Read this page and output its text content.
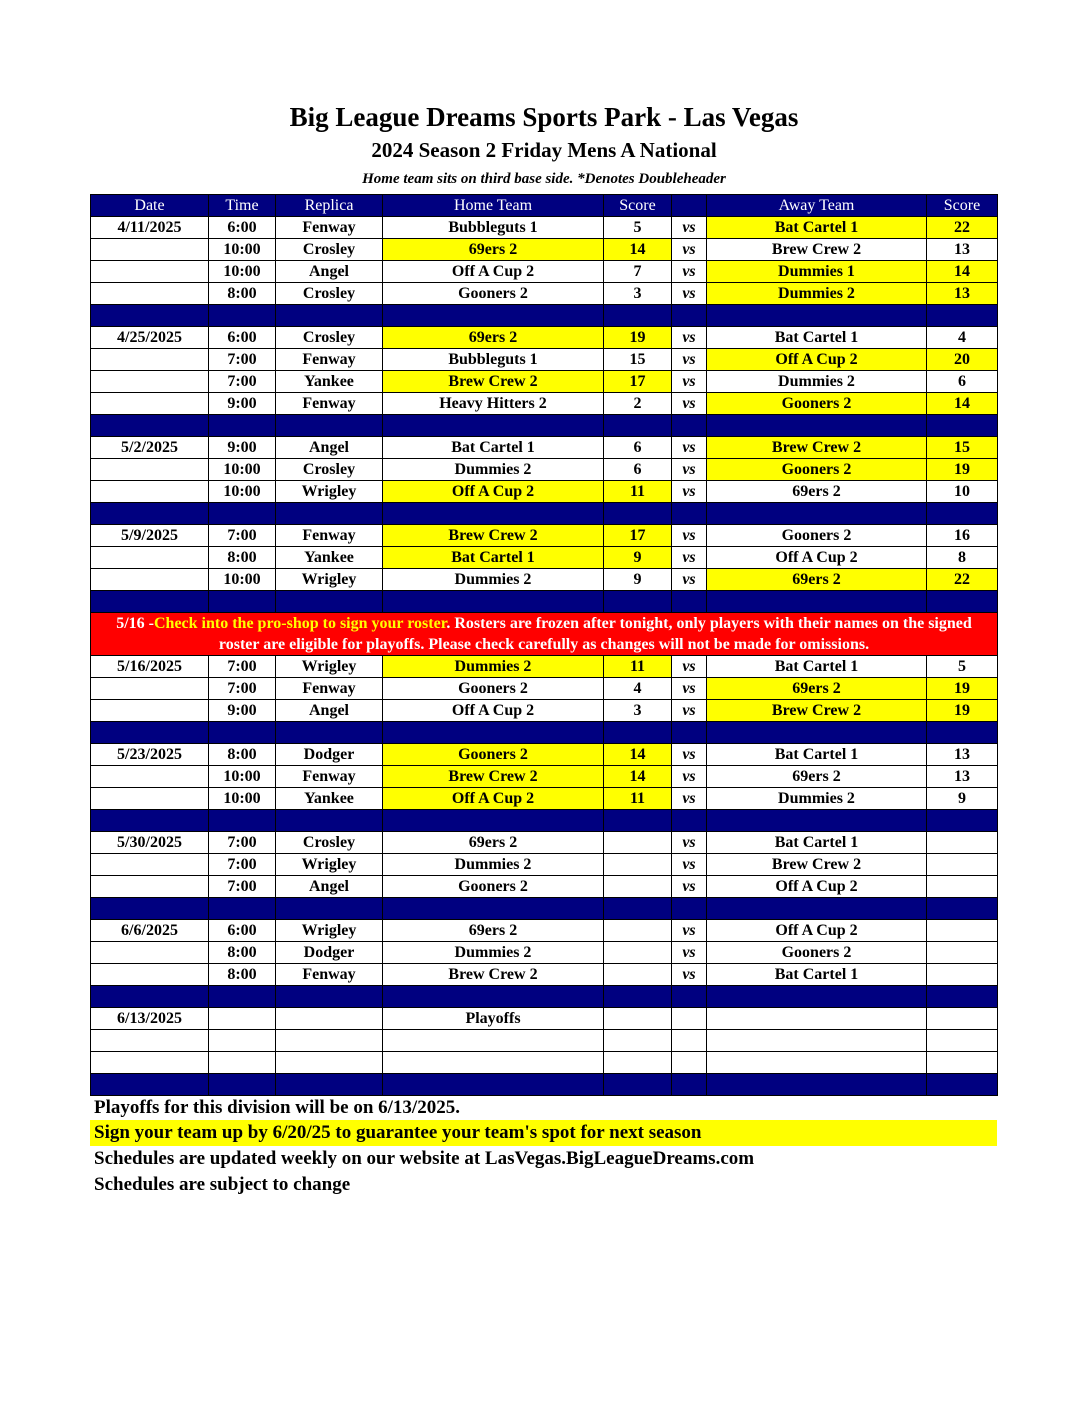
Big League Dreams Sports Park - Las Vegas
2024 Season 2 Friday Mens A National
Home team sits on third base side. *Denotes Doubleheader
Date	Time	Replica	Home Team	Score		Away Team	Score
4/11/2025	6:00	Fenway	Bubbleguts 1	5	vs	Bat Cartel 1	22
	10:00	Crosley	69ers 2	14	vs	Brew Crew 2	13
	10:00	Angel	Off A Cup 2	7	vs	Dummies 1	14
	8:00	Crosley	Gooners 2	3	vs	Dummies 2	13

4/25/2025	6:00	Crosley	69ers 2	19	vs	Bat Cartel 1	4
	7:00	Fenway	Bubbleguts 1	15	vs	Off A Cup 2	20
	7:00	Yankee	Brew Crew 2	17	vs	Dummies 2	6
	9:00	Fenway	Heavy Hitters 2	2	vs	Gooners 2	14

5/2/2025	9:00	Angel	Bat Cartel 1	6	vs	Brew Crew 2	15
	10:00	Crosley	Dummies 2	6	vs	Gooners 2	19
	10:00	Wrigley	Off A Cup 2	11	vs	69ers 2	10

5/9/2025	7:00	Fenway	Brew Crew 2	17	vs	Gooners 2	16
	8:00	Yankee	Bat Cartel 1	9	vs	Off A Cup 2	8
	10:00	Wrigley	Dummies 2	9	vs	69ers 2	22

5/16 -Check into the pro-shop to sign your roster. Rosters are frozen after tonight, only players with their names on the signed roster are eligible for playoffs. Please check carefully as changes will not be made for omissions.							
5/16/2025	7:00	Wrigley	Dummies 2	11	vs	Bat Cartel 1	5
	7:00	Fenway	Gooners 2	4	vs	69ers 2	19
	9:00	Angel	Off A Cup 2	3	vs	Brew Crew 2	19

5/23/2025	8:00	Dodger	Gooners 2	14	vs	Bat Cartel 1	13
	10:00	Fenway	Brew Crew 2	14	vs	69ers 2	13
	10:00	Yankee	Off A Cup 2	11	vs	Dummies 2	9

5/30/2025	7:00	Crosley	69ers 2		vs	Bat Cartel 1	
	7:00	Wrigley	Dummies 2		vs	Brew Crew 2	
	7:00	Angel	Gooners 2		vs	Off A Cup 2	

6/6/2025	6:00	Wrigley	69ers 2		vs	Off A Cup 2	
	8:00	Dodger	Dummies 2		vs	Gooners 2	
	8:00	Fenway	Brew Crew 2		vs	Bat Cartel 1	

6/13/2025			Playoffs				

Playoffs for this division will be on 6/13/2025.
Sign your team up by 6/20/25 to guarantee your team's spot for next season
Schedules are updated weekly on our website at LasVegas.BigLeagueDreams.com
Schedules are subject to change
